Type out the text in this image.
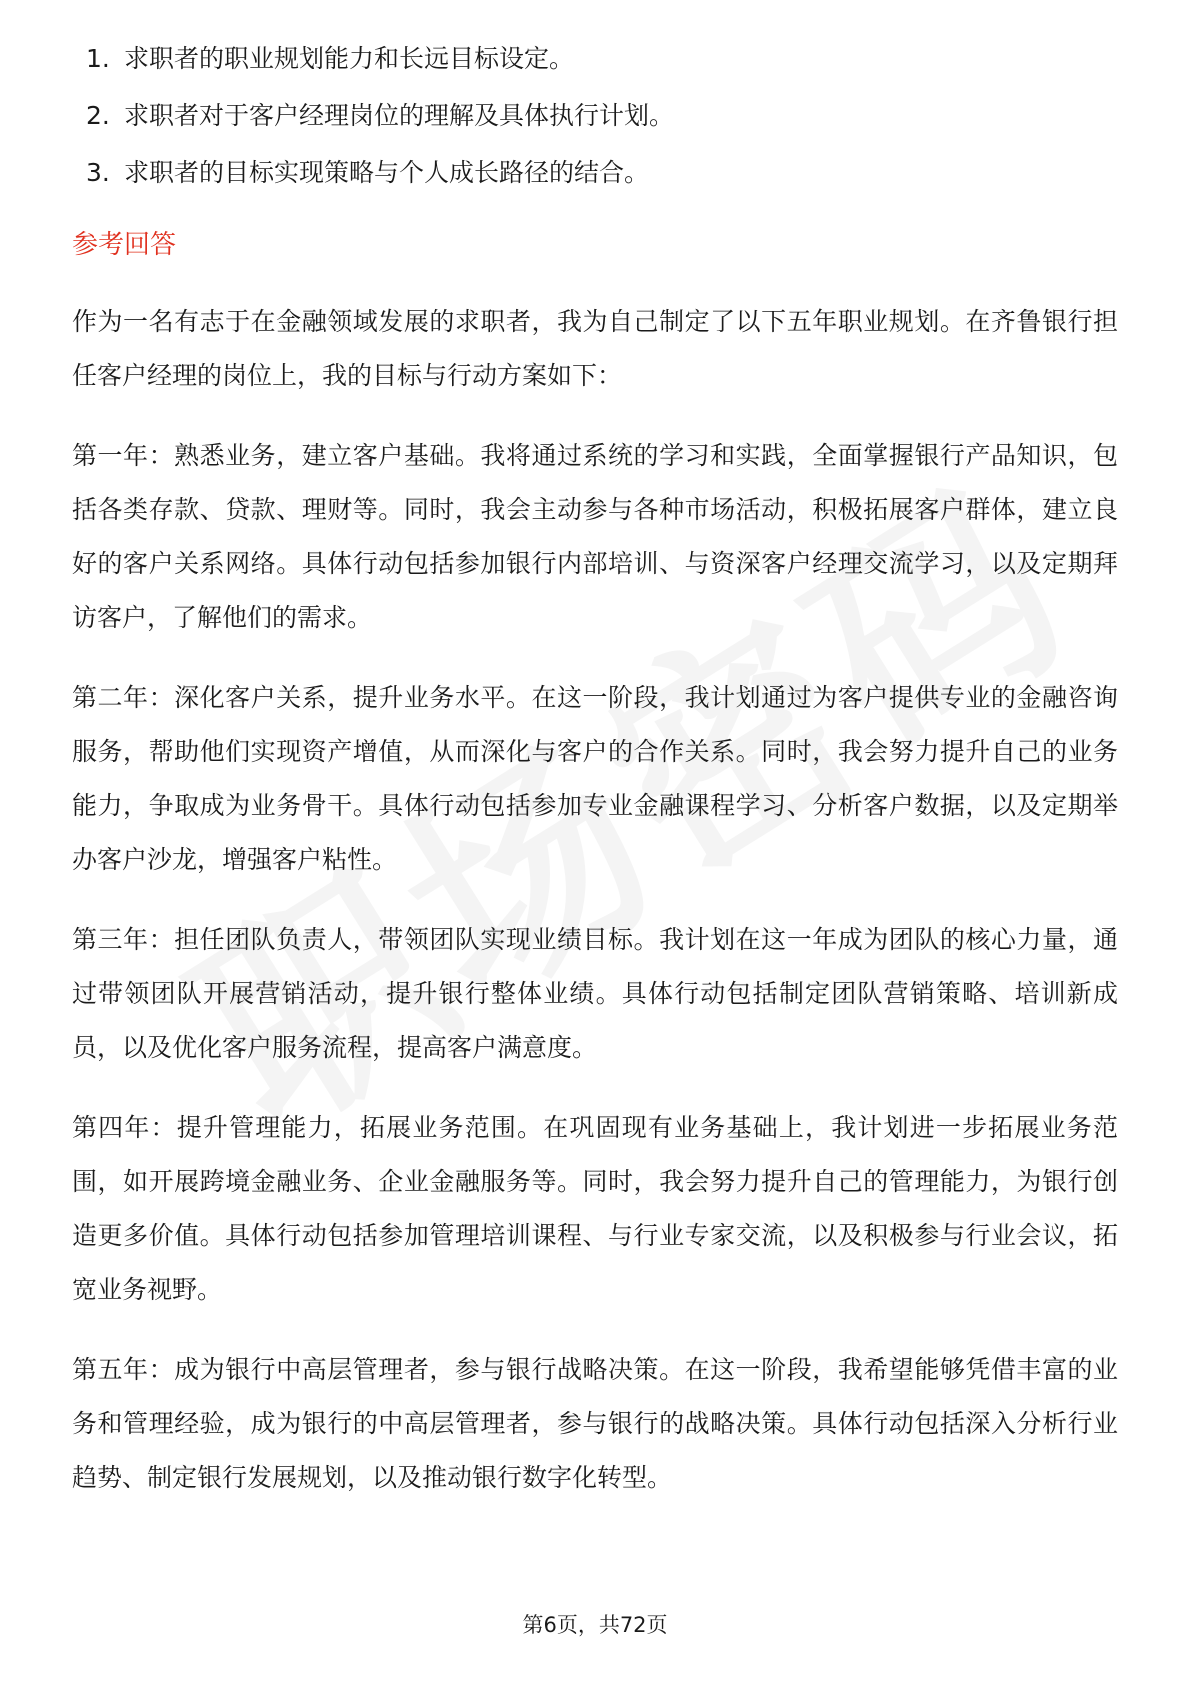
1. 求职者的职业规划能力和长远目标设定。
2. 求职者对于客户经理岗位的理解及具体执行计划。
3. 求职者的目标实现策略与个人成长路径的结合。
参考回答

作为一名有志于在金融领域发展的求职者，我为自己制定了以下五年职业规划。在齐鲁银行担任客户经理的岗位上，我的目标与行动方案如下：

第一年：熟悉业务，建立客户基础。我将通过系统的学习和实践，全面掌握银行产品知识，包括各类存款、贷款、理财等。同时，我会主动参与各种市场活动，积极拓展客户群体，建立良好的客户关系网络。具体行动包括参加银行内部培训、与资深客户经理交流学习，以及定期拜访客户，了解他们的需求。

第二年：深化客户关系，提升业务水平。在这一阶段，我计划通过为客户提供专业的金融咨询服务，帮助他们实现资产增值，从而深化与客户的合作关系。同时，我会努力提升自己的业务能力，争取成为业务骨干。具体行动包括参加专业金融课程学习、分析客户数据，以及定期举办客户沙龙，增强客户粘性。

第三年：担任团队负责人，带领团队实现业绩目标。我计划在这一年成为团队的核心力量，通过带领团队开展营销活动，提升银行整体业绩。具体行动包括制定团队营销策略、培训新成员，以及优化客户服务流程，提高客户满意度。

第四年：提升管理能力，拓展业务范围。在巩固现有业务基础上，我计划进一步拓展业务范围，如开展跨境金融业务、企业金融服务等。同时，我会努力提升自己的管理能力，为银行创造更多价值。具体行动包括参加管理培训课程、与行业专家交流，以及积极参与行业会议，拓宽业务视野。

第五年：成为银行中高层管理者，参与银行战略决策。在这一阶段，我希望能够凭借丰富的业务和管理经验，成为银行的中高层管理者，参与银行的战略决策。具体行动包括深入分析行业趋势、制定银行发展规划，以及推动银行数字化转型。

第6页，共72页
